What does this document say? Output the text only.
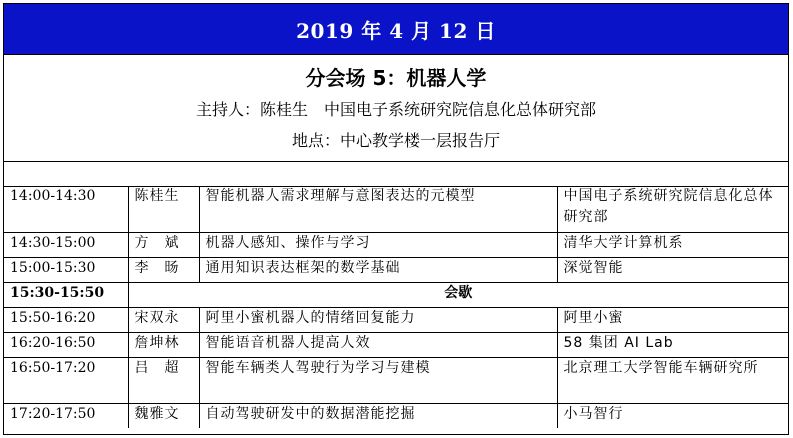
2019 年 4 月 12 日
分会场 5：机器人学
主持人：陈桂生　中国电子系统研究院信息化总体研究部
地点：中心教学楼一层报告厅
14:00-14:30	陈桂生	智能机器人需求理解与意图表达的元模型	中国电子系统研究院信息化总体研究部
14:30-15:00	方　斌	机器人感知、操作与学习	清华大学计算机系
15:00-15:30	李　旸	通用知识表达框架的数学基础	深觉智能
15:30-15:50	会歇		
15:50-16:20	宋双永	阿里小蜜机器人的情绪回复能力	阿里小蜜
16:20-16:50	詹坤林	智能语音机器人提高人效	58 集团 AI Lab
16:50-17:20	吕　超	智能车辆类人驾驶行为学习与建模	北京理工大学智能车辆研究所
17:20-17:50	魏雅文	自动驾驶研发中的数据潜能挖掘	小马智行
